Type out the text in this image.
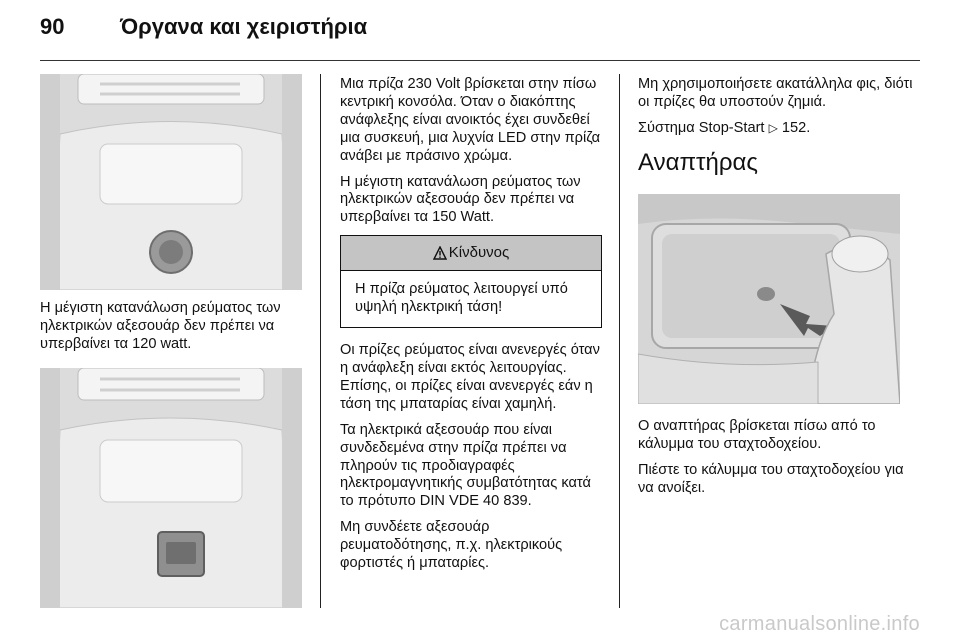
90	Όργανα και χειριστήρια

Η μέγιστη κατανάλωση ρεύματος των ηλεκτρικών αξεσουάρ δεν πρέπει να υπερβαίνει τα 120 watt.

Μια πρίζα 230 Volt βρίσκεται στην πίσω κεντρική κονσόλα. Όταν ο διακόπτης ανάφλεξης είναι ανοικτός έχει συνδεθεί μια συσκευή, μια λυχνία LED στην πρίζα ανάβει με πράσινο χρώμα.

Η μέγιστη κατανάλωση ρεύματος των ηλεκτρικών αξεσουάρ δεν πρέπει να υπερβαίνει τα 150 Watt.

Κίνδυνος
Η πρίζα ρεύματος λειτουργεί υπό υψηλή ηλεκτρική τάση!

Οι πρίζες ρεύματος είναι ανενεργές όταν η ανάφλεξη είναι εκτός λειτουργίας. Επίσης, οι πρίζες είναι ανενεργές εάν η τάση της μπαταρίας είναι χαμηλή.

Τα ηλεκτρικά αξεσουάρ που είναι συνδεδεμένα στην πρίζα πρέπει να πληρούν τις προδιαγραφές ηλεκτρομαγνητικής συμβατότητας κατά το πρότυπο DIN VDE 40 839.

Μη συνδέετε αξεσουάρ ρευματοδότησης, π.χ. ηλεκτρικούς φορτιστές ή μπαταρίες.

Μη χρησιμοποιήσετε ακατάλληλα φις, διότι οι πρίζες θα υποστούν ζημιά.

Σύστημα Stop-Start ▷ 152.

Αναπτήρας

Ο αναπτήρας βρίσκεται πίσω από το κάλυμμα του σταχτοδοχείου.

Πιέστε το κάλυμμα του σταχτοδοχείου για να ανοίξει.

carmanualsonline.info
